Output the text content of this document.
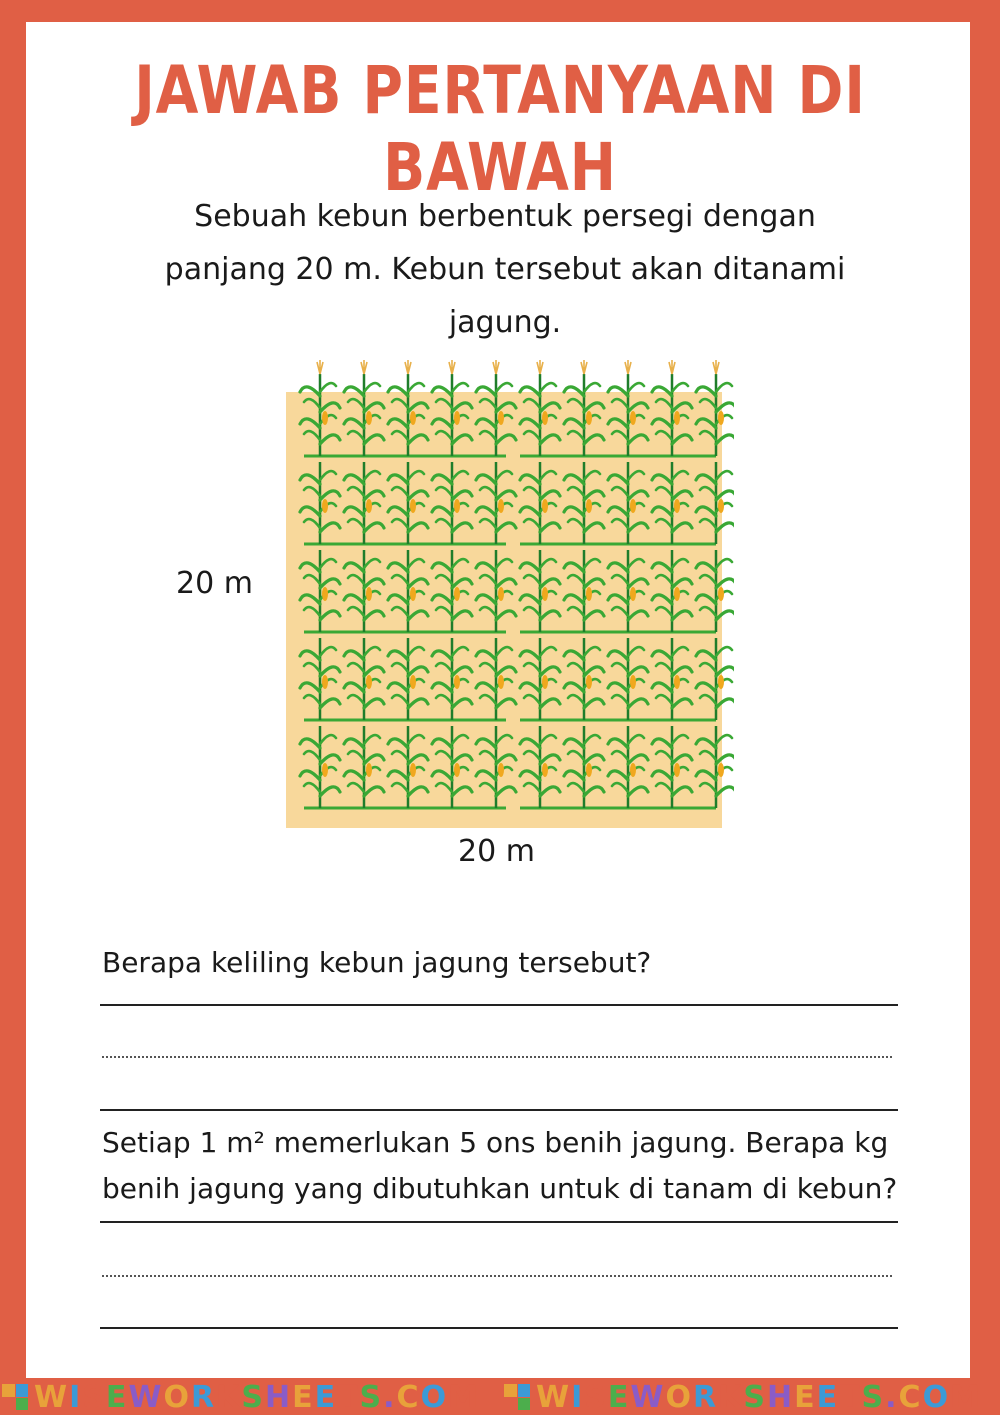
JAWAB PERTANYAAN DI BAWAH
Sebuah kebun berbentuk persegi dengan
panjang 20 m. Kebun tersebut akan ditanami
jagung.
20 m
20 m
Berapa keliling kebun jagung tersebut?
Setiap 1 m² memerlukan 5 ons benih jagung. Berapa kg
benih jagung yang dibutuhkan untuk di tanam di kebun?
WISEWORKSHEETS.COM WISEWORKSHEETS.COM
